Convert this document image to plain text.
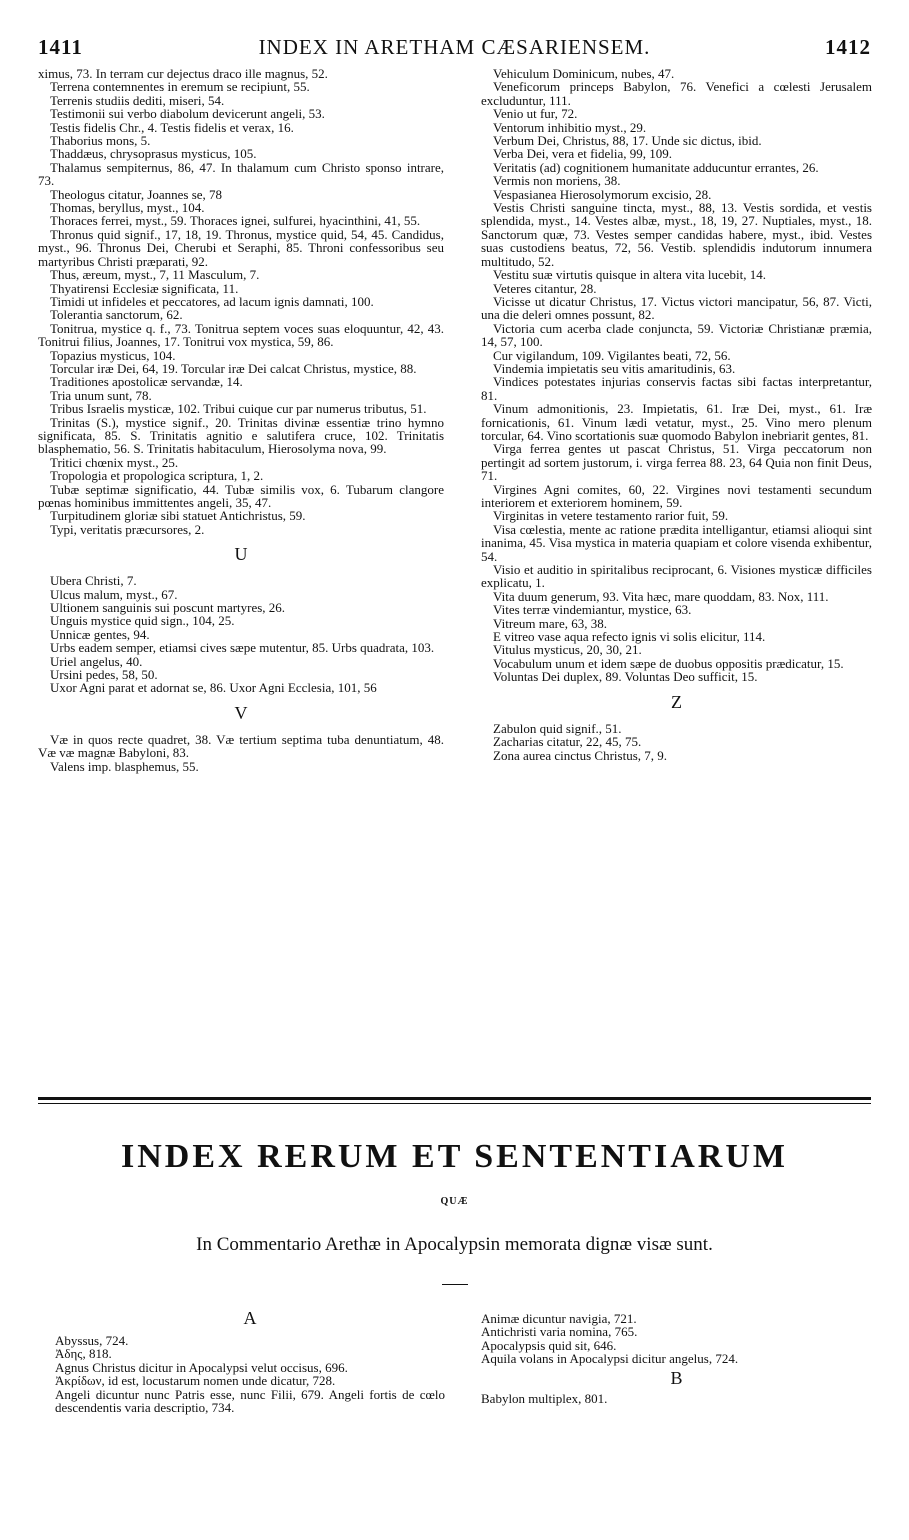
1411	INDEX IN ARETHAM CÆSARIENSEM.	1412

ximus, 73. In terram cur dejectus draco ille magnus, 52.

Terrena contemnentes in eremum se recipiunt, 55.

Terrenis studiis dediti, miseri, 54.

Testimonii sui verbo diabolum devicerunt angeli, 53.

Testis fidelis Chr., 4. Testis fidelis et verax, 16.

Thaborius mons, 5.

Thaddæus, chrysoprasus mysticus, 105.

Thalamus sempiternus, 86, 47. In thalamum cum Christo sponso intrare, 73.

Theologus citatur, Joannes se, 78

Thomas, beryllus, myst., 104.

Thoraces ferrei, myst., 59. Thoraces ignei, sulfurei, hyacinthini, 41, 55.

Thronus quid signif., 17, 18, 19. Thronus, mystice quid, 54, 45. Candidus, myst., 96. Thronus Dei, Cherubi et Seraphi, 85. Throni confessoribus seu martyribus Christi præparati, 92.

Thus, æreum, myst., 7, 11 Masculum, 7.

Thyatirensi Ecclesiæ significata, 11.

Timidi ut infideles et peccatores, ad lacum ignis damnati, 100.

Tolerantia sanctorum, 62.

Tonitrua, mystice q. f., 73. Tonitrua septem voces suas eloquuntur, 42, 43. Tonitrui filius, Joannes, 17. Tonitrui vox mystica, 59, 86.

Topazius mysticus, 104.

Torcular iræ Dei, 64, 19. Torcular iræ Dei calcat Christus, mystice, 88.

Traditiones apostolicæ servandæ, 14.

Tria unum sunt, 78.

Tribus Israelis mysticæ, 102. Tribui cuique cur par numerus tributus, 51.

Trinitas (S.), mystice signif., 20. Trinitas divinæ essentiæ trino hymno significata, 85. S. Trinitatis agnitio e salutifera cruce, 102. Trinitatis blasphematio, 56. S. Trinitatis habitaculum, Hierosolyma nova, 99.

Tritici chœnix myst., 25.

Tropologia et propologica scriptura, 1, 2.

Tubæ septimæ significatio, 44. Tubæ similis vox, 6. Tubarum clangore pœnas hominibus immittentes angeli, 35, 47.

Turpitudinem gloriæ sibi statuet Antichristus, 59.

Typi, veritatis præcursores, 2.

U

Ubera Christi, 7.

Ulcus malum, myst., 67.

Ultionem sanguinis sui poscunt martyres, 26.

Unguis mystice quid sign., 104, 25.

Unnicæ gentes, 94.

Urbs eadem semper, etiamsi cives sæpe mutentur, 85. Urbs quadrata, 103.

Uriel angelus, 40.

Ursini pedes, 58, 50.

Uxor Agni parat et adornat se, 86. Uxor Agni Ecclesia, 101, 56

V

Væ in quos recte quadret, 38. Væ tertium septima tuba denuntiatum, 48. Væ væ magnæ Babyloni, 83.

Valens imp. blasphemus, 55.

Vehiculum Dominicum, nubes, 47.

Veneficorum princeps Babylon, 76. Venefici a cœlesti Jerusalem excluduntur, 111.

Venio ut fur, 72.

Ventorum inhibitio myst., 29.

Verbum Dei, Christus, 88, 17. Unde sic dictus, ibid.

Verba Dei, vera et fidelia, 99, 109.

Veritatis (ad) cognitionem humanitate adducuntur errantes, 26.

Vermis non moriens, 38.

Vespasianea Hierosolymorum excisio, 28.

Vestis Christi sanguine tincta, myst., 88, 13. Vestis sordida, et vestis splendida, myst., 14. Vestes albæ, myst., 18, 19, 27. Nuptiales, myst., 18. Sanctorum quæ, 73. Vestes semper candidas habere, myst., ibid. Vestes suas custodiens beatus, 72, 56. Vestib. splendidis indutorum innumera multitudo, 52.

Vestitu suæ virtutis quisque in altera vita lucebit, 14.

Veteres citantur, 28.

Vicisse ut dicatur Christus, 17. Victus victori mancipatur, 56, 87. Victi, una die deleri omnes possunt, 82.

Victoria cum acerba clade conjuncta, 59. Victoriæ Christianæ præmia, 14, 57, 100.

Cur vigilandum, 109. Vigilantes beati, 72, 56.

Vindemia impietatis seu vitis amaritudinis, 63.

Vindices potestates injurias conservis factas sibi factas interpretantur, 81.

Vinum admonitionis, 23. Impietatis, 61. Iræ Dei, myst., 61. Iræ fornicationis, 61. Vinum lædi vetatur, myst., 25. Vino mero plenum torcular, 64. Vino scortationis suæ quomodo Babylon inebriarit gentes, 81.

Virga ferrea gentes ut pascat Christus, 51. Virga peccatorum non pertingit ad sortem justorum, i. virga ferrea 88. 23, 64 Quia non finit Deus, 71.

Virgines Agni comites, 60, 22. Virgines novi testamenti secundum interiorem et exteriorem hominem, 59.

Virginitas in vetere testamento rarior fuit, 59.

Visa cœlestia, mente ac ratione prædita intelligantur, etiamsi alioqui sint inanima, 45. Visa mystica in materia quapiam et colore visenda exhibentur, 54.

Visio et auditio in spiritalibus reciprocant, 6. Visiones mysticæ difficiles explicatu, 1.

Vita duum generum, 93. Vita hæc, mare quoddam, 83. Nox, 111.

Vites terræ vindemiantur, mystice, 63.

Vitreum mare, 63, 38.

E vitreo vase aqua refecto ignis vi solis elicitur, 114.

Vitulus mysticus, 20, 30, 21.

Vocabulum unum et idem sæpe de duobus oppositis prædicatur, 15.

Voluntas Dei duplex, 89. Voluntas Deo sufficit, 15.

Z

Zabulon quid signif., 51.

Zacharias citatur, 22, 45, 75.

Zona aurea cinctus Christus, 7, 9.

INDEX RERUM ET SENTENTIARUM
QUÆ
In Commentario Arethæ in Apocalypsin memorata dignæ visæ sunt.
A

Abyssus, 724.

Ἀδης, 818.

Agnus Christus dicitur in Apocalypsi velut occisus, 696.

Ἀκρίδων, id est, locustarum nomen unde dicatur, 728.

Angeli dicuntur nunc Patris esse, nunc Filii, 679. Angeli fortis de cœlo descendentis varia descriptio, 734.

Animæ dicuntur navigia, 721.

Antichristi varia nomina, 765.

Apocalypsis quid sit, 646.

Aquila volans in Apocalypsi dicitur angelus, 724.

B

Babylon multiplex, 801.
